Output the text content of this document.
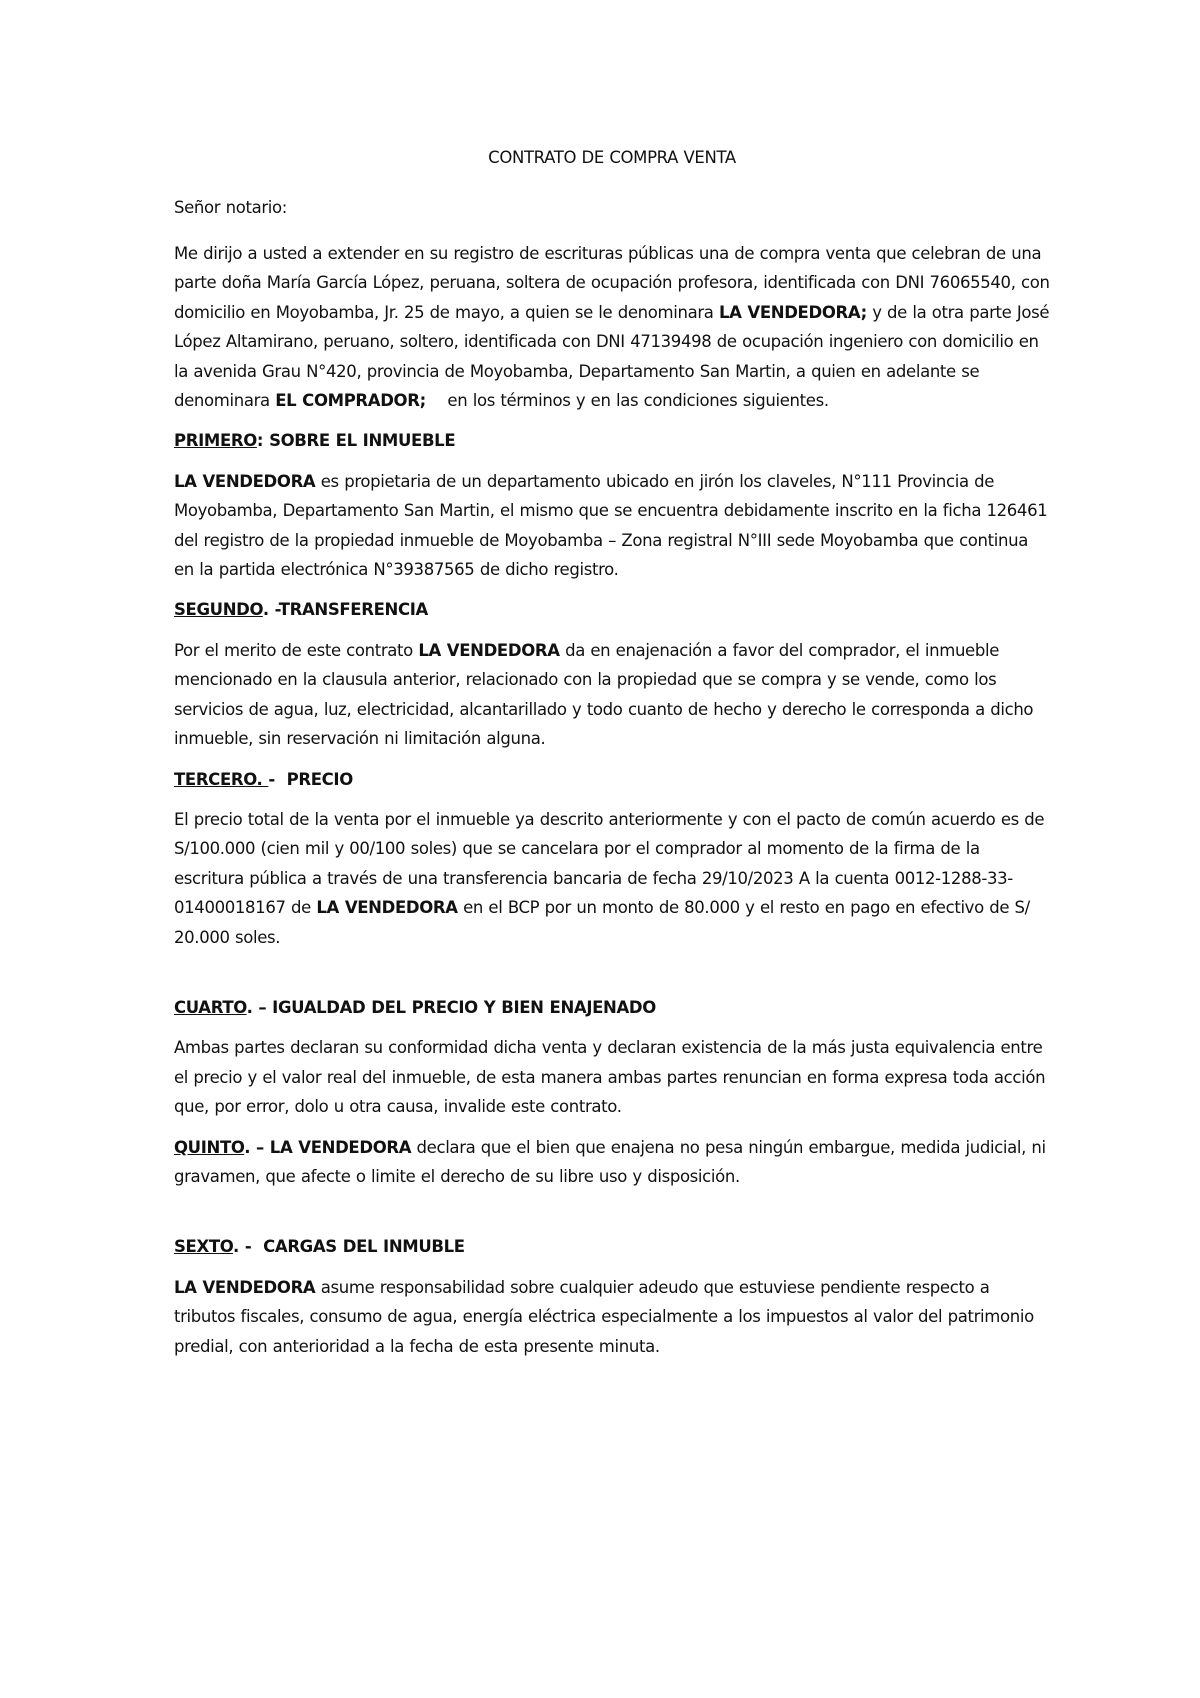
CONTRATO DE COMPRA VENTA
Señor notario:

Me dirijo a usted a extender en su registro de escrituras públicas una de compra venta que celebran de una parte doña María García López, peruana, soltera de ocupación profesora, identificada con DNI 76065540, con domicilio en Moyobamba, Jr. 25 de mayo, a quien se le denominara LA VENDEDORA; y de la otra parte José López Altamirano, peruano, soltero, identificada con DNI 47139498 de ocupación ingeniero con domicilio en la avenida Grau N°420, provincia de Moyobamba, Departamento San Martin, a quien en adelante se denominara EL COMPRADOR;    en los términos y en las condiciones siguientes.

PRIMERO: SOBRE EL INMUEBLE

LA VENDEDORA es propietaria de un departamento ubicado en jirón los claveles, N°111 Provincia de Moyobamba, Departamento San Martin, el mismo que se encuentra debidamente inscrito en la ficha 126461 del registro de la propiedad inmueble de Moyobamba – Zona registral N°III sede Moyobamba que continua en la partida electrónica N°39387565 de dicho registro.

SEGUNDO. -TRANSFERENCIA

Por el merito de este contrato LA VENDEDORA da en enajenación a favor del comprador, el inmueble mencionado en la clausula anterior, relacionado con la propiedad que se compra y se vende, como los servicios de agua, luz, electricidad, alcantarillado y todo cuanto de hecho y derecho le corresponda a dicho inmueble, sin reservación ni limitación alguna.

TERCERO. -  PRECIO

El precio total de la venta por el inmueble ya descrito anteriormente y con el pacto de común acuerdo es de S/100.000 (cien mil y 00/100 soles) que se cancelara por el comprador al momento de la firma de la escritura pública a través de una transferencia bancaria de fecha 29/10/2023 A la cuenta 0012-1288-33-01400018167 de LA VENDEDORA en el BCP por un monto de 80.000 y el resto en pago en efectivo de S/ 20.000 soles.

CUARTO. – IGUALDAD DEL PRECIO Y BIEN ENAJENADO

Ambas partes declaran su conformidad dicha venta y declaran existencia de la más justa equivalencia entre el precio y el valor real del inmueble, de esta manera ambas partes renuncian en forma expresa toda acción que, por error, dolo u otra causa, invalide este contrato.

QUINTO. – LA VENDEDORA declara que el bien que enajena no pesa ningún embargue, medida judicial, ni gravamen, que afecte o limite el derecho de su libre uso y disposición.

SEXTO. -  CARGAS DEL INMUBLE

LA VENDEDORA asume responsabilidad sobre cualquier adeudo que estuviese pendiente respecto a tributos fiscales, consumo de agua, energía eléctrica especialmente a los impuestos al valor del patrimonio predial, con anterioridad a la fecha de esta presente minuta.
